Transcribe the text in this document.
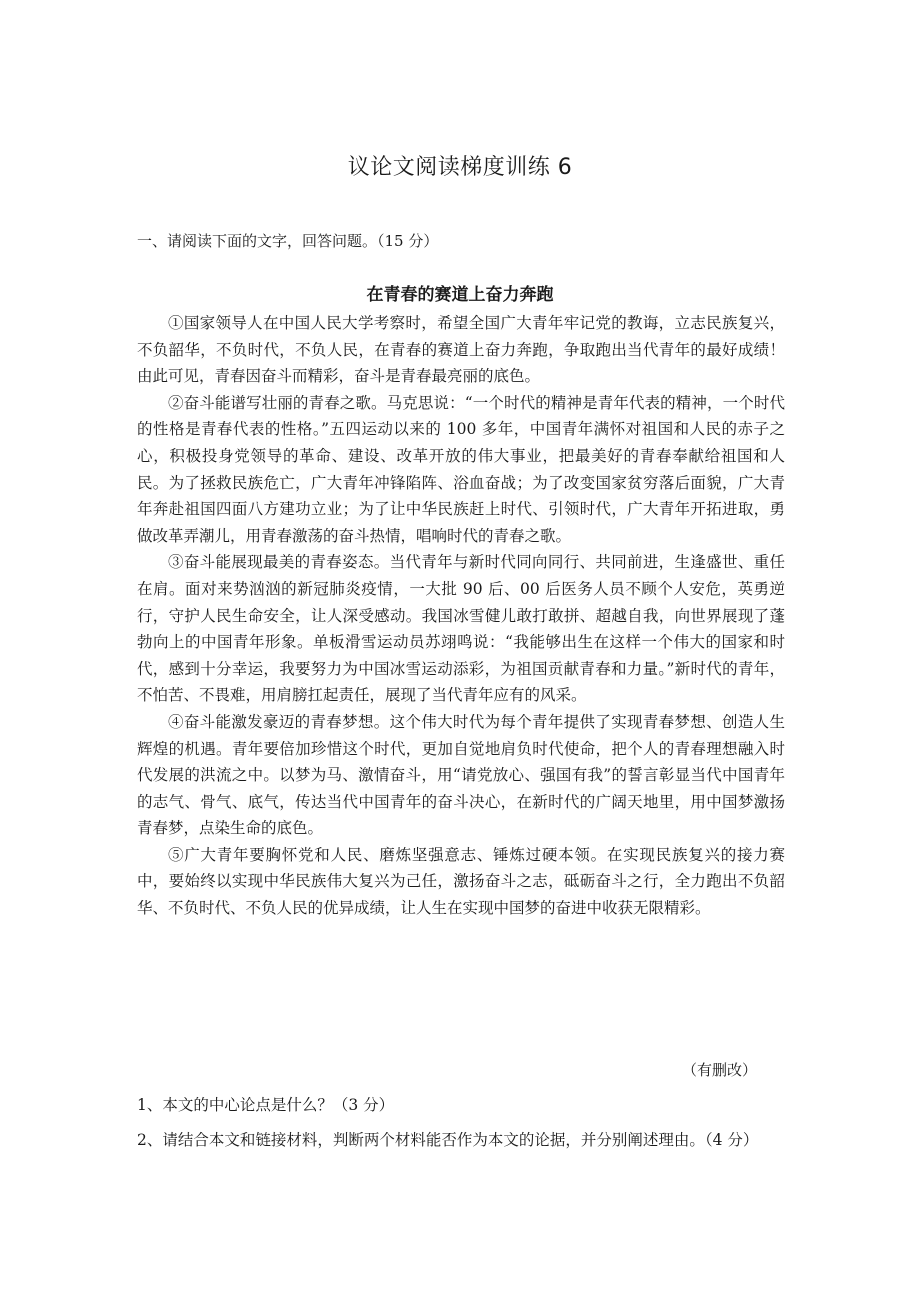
议论文阅读梯度训练 6

一、请阅读下面的文字，回答问题。（15 分）

在青春的赛道上奋力奔跑

①国家领导人在中国人民大学考察时，希望全国广大青年牢记党的教诲，立志民族复兴，不负韶华，不负时代，不负人民，在青春的赛道上奋力奔跑，争取跑出当代青年的最好成绩！由此可见，青春因奋斗而精彩，奋斗是青春最亮丽的底色。

②奋斗能谱写壮丽的青春之歌。马克思说：“一个时代的精神是青年代表的精神，一个时代的性格是青春代表的性格。”五四运动以来的 100 多年，中国青年满怀对祖国和人民的赤子之心，积极投身党领导的革命、建设、改革开放的伟大事业，把最美好的青春奉献给祖国和人民。为了拯救民族危亡，广大青年冲锋陷阵、浴血奋战；为了改变国家贫穷落后面貌，广大青年奔赴祖国四面八方建功立业；为了让中华民族赶上时代、引领时代，广大青年开拓进取，勇做改革弄潮儿，用青春激荡的奋斗热情，唱响时代的青春之歌。

③奋斗能展现最美的青春姿态。当代青年与新时代同向同行、共同前进，生逢盛世、重任在肩。面对来势汹汹的新冠肺炎疫情，一大批 90 后、00 后医务人员不顾个人安危，英勇逆行，守护人民生命安全，让人深受感动。我国冰雪健儿敢打敢拼、超越自我，向世界展现了蓬勃向上的中国青年形象。单板滑雪运动员苏翊鸣说：“我能够出生在这样一个伟大的国家和时代，感到十分幸运，我要努力为中国冰雪运动添彩，为祖国贡献青春和力量。”新时代的青年，不怕苦、不畏难，用肩膀扛起责任，展现了当代青年应有的风采。

④奋斗能激发豪迈的青春梦想。这个伟大时代为每个青年提供了实现青春梦想、创造人生辉煌的机遇。青年要倍加珍惜这个时代，更加自觉地肩负时代使命，把个人的青春理想融入时代发展的洪流之中。以梦为马、激情奋斗，用“请党放心、强国有我”的誓言彰显当代中国青年的志气、骨气、底气，传达当代中国青年的奋斗决心，在新时代的广阔天地里，用中国梦激扬青春梦，点染生命的底色。

⑤广大青年要胸怀党和人民、磨炼坚强意志、锤炼过硬本领。在实现民族复兴的接力赛中，要始终以实现中华民族伟大复兴为己任，激扬奋斗之志，砥砺奋斗之行，全力跑出不负韶华、不负时代、不负人民的优异成绩，让人生在实现中国梦的奋进中收获无限精彩。

（有删改）

1、本文的中心论点是什么？（3 分）

2、请结合本文和链接材料，判断两个材料能否作为本文的论据，并分别阐述理由。（4 分）
